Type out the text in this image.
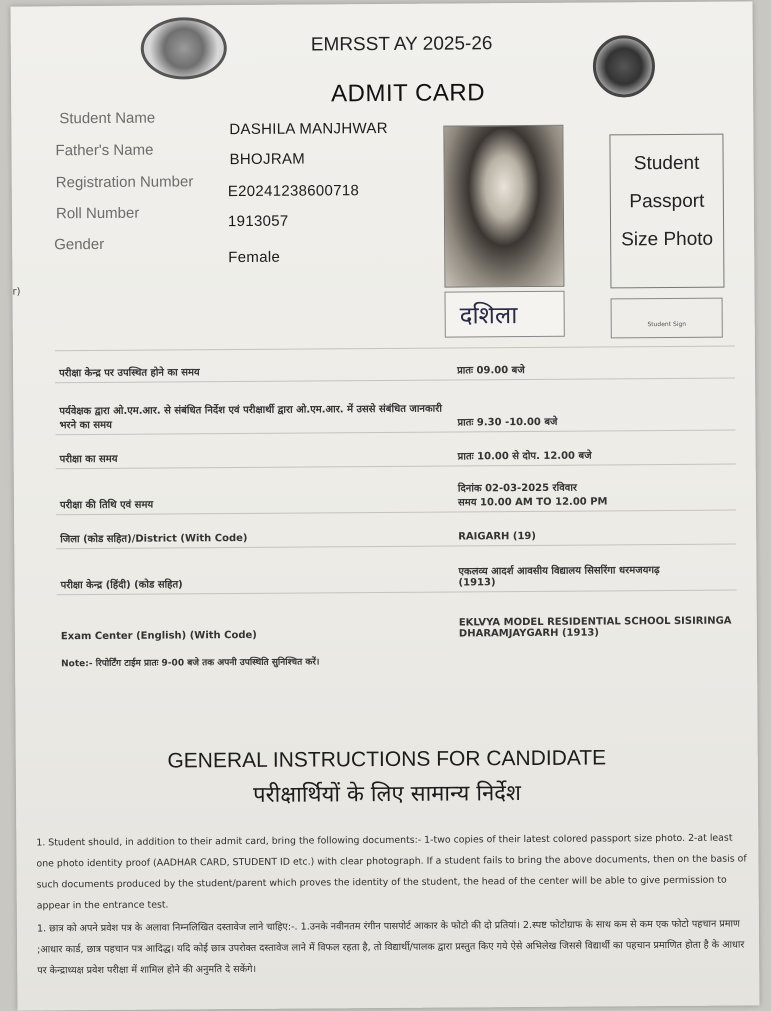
r)
EMRSST AY 2025-26
ADMIT CARD
Student Name
DASHILA MANJHWAR
Father's Name
BHOJRAM
Registration Number E20241238600718
Roll Number	1913057
Gender
Female
दशिला
Student
Passport
Size Photo
Student Sign
परीक्षा केन्द्र पर उपस्थित होने का समय	प्रातः 09.00 बजे
पर्यवेक्षक द्वारा ओ.एम.आर. से संबंधित निर्देश एवं परीक्षार्थी द्वारा ओ.एम.आर. में उससे संबंधित जानकारी भरने का समय	प्रातः 9.30 -10.00 बजे
परीक्षा का समय	प्रातः 10.00 से दोप. 12.00 बजे
परीक्षा की तिथि एवं समय	दिनांक 02-03-2025 रविवार
समय 10.00 AM TO 12.00 PM

जिला (कोड सहित)/District (With Code)	RAIGARH (19)
परीक्षा केन्द्र (हिंदी) (कोड सहित)	एकलव्य आदर्श आवसीय विद्यालय सिसरिंगा धरमजयगढ़
(1913)

Exam Center (English) (With Code)	EKLVYA MODEL RESIDENTIAL SCHOOL SISIRINGA
DHARAMJAYGARH (1913)
Note:- रिपोर्टिंग टाईम प्रातः 9-00 बजे तक अपनी उपस्थिति सुनिश्चित करें।
GENERAL INSTRUCTIONS FOR CANDIDATE
परीक्षार्थियों के लिए सामान्य निर्देश
1. Student should, in addition to their admit card, bring the following documents:- 1-two copies of their latest colored passport size photo. 2-at least one photo identity proof (AADHAR CARD, STUDENT ID etc.) with clear photograph. If a student fails to bring the above documents, then on the basis of such documents produced by the student/parent which proves the identity of the student, the head of the center will be able to give permission to appear in the entrance test.
1. छात्र को अपने प्रवेश पत्र के अलावा निम्नलिखित दस्तावेज लाने चाहिए:-. 1.उनके नवीनतम रंगीन पासपोर्ट आकार के फोटो की दो प्रतियां। 2.स्पष्ट फोटोग्राफ के साथ कम से कम एक फोटो पहचान प्रमाण ;आधार कार्ड, छात्र पहचान पत्र आदिद्ध। यदि कोई छात्र उपरोक्त दस्तावेज लाने में विफल रहता है, तो विद्यार्थी/पालक द्वारा प्रस्तुत किए गये ऐसे अभिलेख जिससे विद्यार्थी का पहचान प्रमाणित होता है के आधार पर केन्द्राध्यक्ष प्रवेश परीक्षा में शामिल होने की अनुमति दे सकेंगे।
